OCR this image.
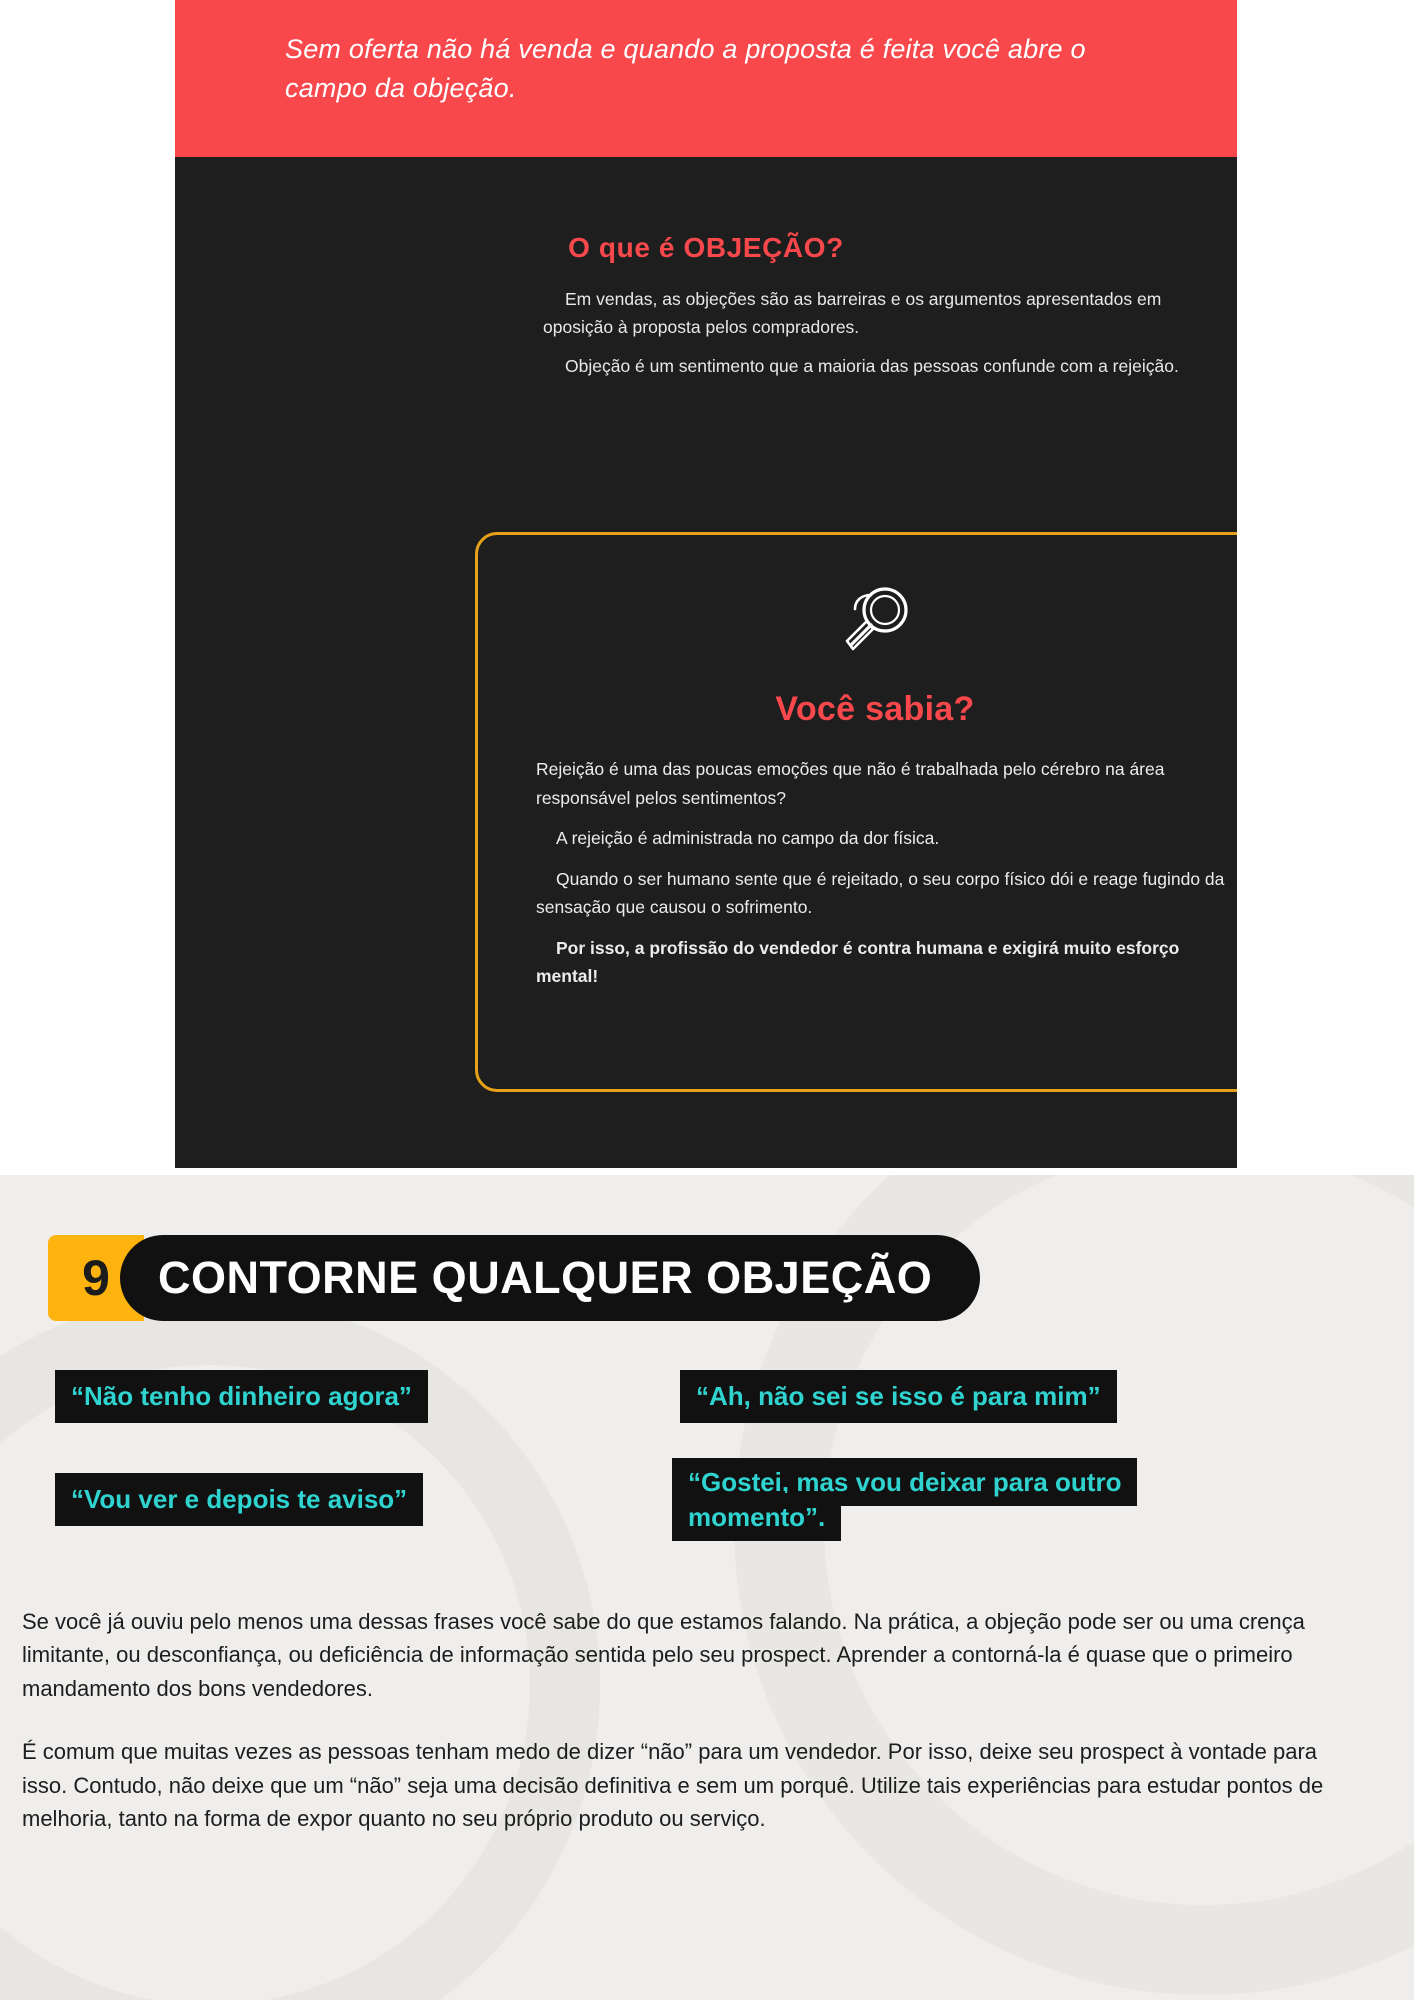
Sem oferta não há venda e quando a proposta é feita você abre o campo da objeção.

O que é OBJEÇÃO?

Em vendas, as objeções são as barreiras e os argumentos apresentados em oposição à proposta pelos compradores.

Objeção é um sentimento que a maioria das pessoas confunde com a rejeição.

Você sabia?

Rejeição é uma das poucas emoções que não é trabalhada pelo cérebro na área responsável pelos sentimentos?

A rejeição é administrada no campo da dor física.

Quando o ser humano sente que é rejeitado, o seu corpo físico dói e reage fugindo da sensação que causou o sofrimento.

Por isso, a profissão do vendedor é contra humana e exigirá muito esforço mental!

9	CONTORNE QUALQUER OBJEÇÃO
“Não tenho dinheiro agora”	“Ah, não sei se isso é para mim”
“Vou ver e depois te aviso”
“Gostei, mas vou deixar para outro momento”.

Se você já ouviu pelo menos uma dessas frases você sabe do que estamos falando. Na prática, a objeção pode ser ou uma crença limitante, ou desconfiança, ou deficiência de informação sentida pelo seu prospect. Aprender a contorná-la é quase que o primeiro mandamento dos bons vendedores.

É comum que muitas vezes as pessoas tenham medo de dizer “não” para um vendedor. Por isso, deixe seu prospect à vontade para isso. Contudo, não deixe que um “não” seja uma decisão definitiva e sem um porquê. Utilize tais experiências para estudar pontos de melhoria, tanto na forma de expor quanto no seu próprio produto ou serviço.
